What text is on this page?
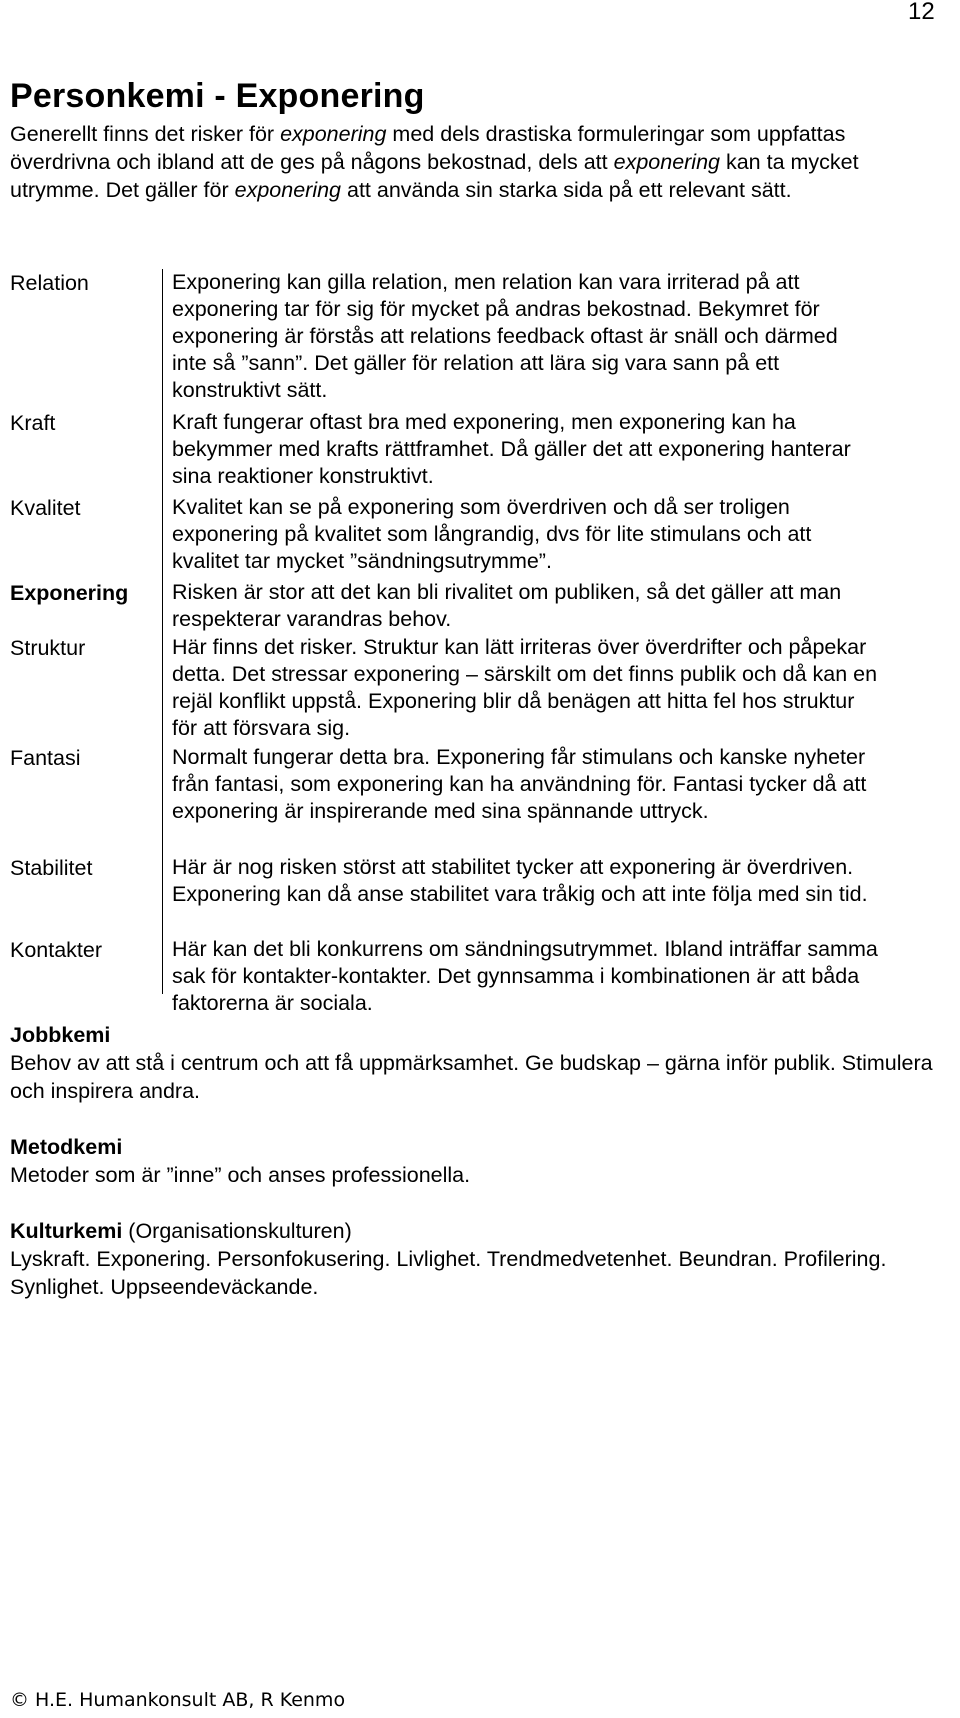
12
Personkemi - Exponering

Generellt finns det risker för exponering med dels drastiska formuleringar som uppfattas överdrivna och ibland att de ges på någons bekostnad, dels att exponering kan ta mycket utrymme. Det gäller för exponering att använda sin starka sida på ett relevant sätt.

Relation	Exponering kan gilla relation, men relation kan vara irriterad på att exponering tar för sig för mycket på andras bekostnad. Bekymret för exponering är förstås att relations feedback oftast är snäll och därmed inte så ”sann”. Det gäller för relation att lära sig vara sann på ett konstruktivt sätt.
Kraft	Kraft fungerar oftast bra med exponering, men exponering kan ha bekymmer med krafts rättframhet. Då gäller det att exponering hanterar sina reaktioner konstruktivt.
Kvalitet	Kvalitet kan se på exponering som överdriven och då ser troligen exponering på kvalitet som långrandig, dvs för lite stimulans och att kvalitet tar mycket ”sändningsutrymme”.
Exponering	Risken är stor att det kan bli rivalitet om publiken, så det gäller att man respekterar varandras behov.
Struktur	Här finns det risker. Struktur kan lätt irriteras över överdrifter och påpekar detta. Det stressar exponering – särskilt om det finns publik och då kan en rejäl konflikt uppstå. Exponering blir då benägen att hitta fel hos struktur för att försvara sig.
Fantasi	Normalt fungerar detta bra. Exponering får stimulans och kanske nyheter från fantasi, som exponering kan ha användning för. Fantasi tycker då att exponering är inspirerande med sina spännande uttryck.
Stabilitet	Här är nog risken störst att stabilitet tycker att exponering är överdriven. Exponering kan då anse stabilitet vara tråkig och att inte följa med sin tid.
Kontakter	Här kan det bli konkurrens om sändningsutrymmet. Ibland inträffar samma sak för kontakter-kontakter. Det gynnsamma i kombinationen är att båda faktorerna är sociala.
Jobbkemi
Behov av att stå i centrum och att få uppmärksamhet. Ge budskap – gärna inför publik. Stimulera och inspirera andra.
Metodkemi
Metoder som är ”inne” och anses professionella.
Kulturkemi (Organisationskulturen)
Lyskraft. Exponering. Personfokusering. Livlighet. Trendmedvetenhet. Beundran. Profilering. Synlighet. Uppseendeväckande.
© H.E. Humankonsult AB, R Kenmo
